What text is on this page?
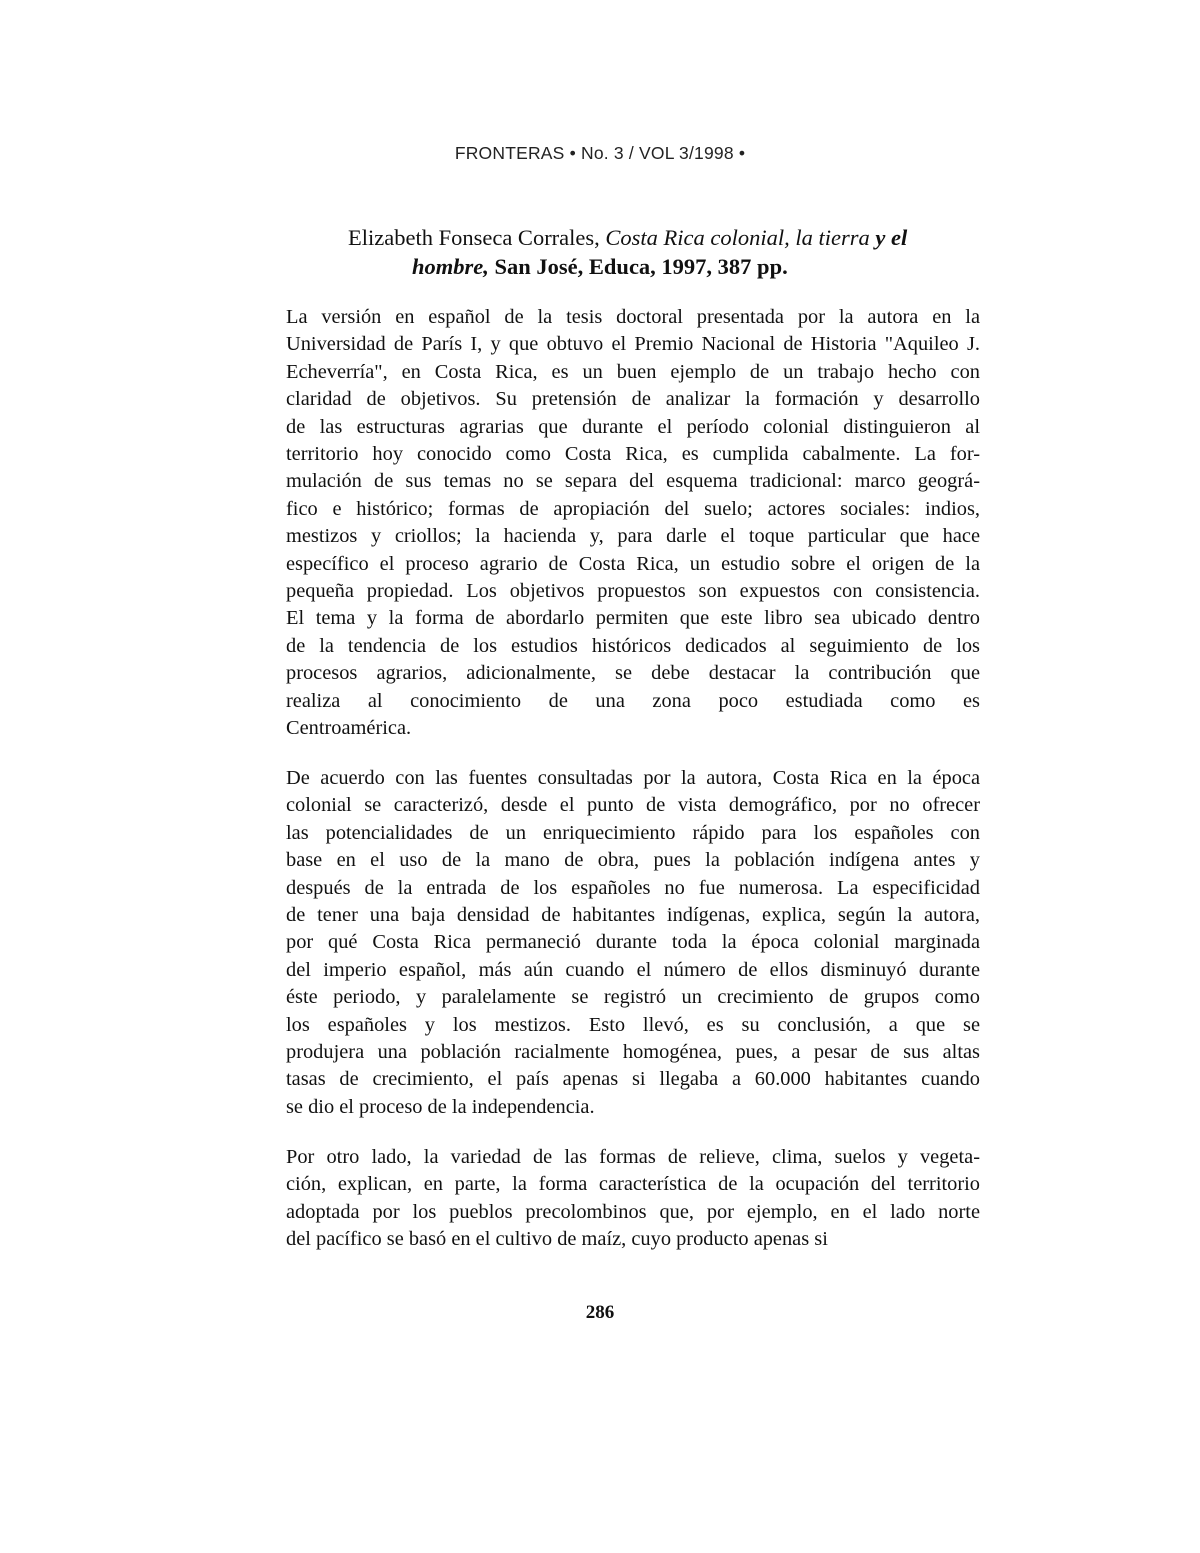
FRONTERAS • No. 3 / VOL 3/1998 •
Elizabeth Fonseca Corrales, Costa Rica colonial, la tierra y el
hombre, San José, Educa, 1997, 387 pp.

La versión en español de la tesis doctoral presentada por la autora en la
Universidad de París I, y que obtuvo el Premio Nacional de Historia "Aquileo J.
Echeverría", en Costa Rica, es un buen ejemplo de un trabajo hecho con
claridad de objetivos. Su pretensión de analizar la formación y desarrollo
de las estructuras agrarias que durante el período colonial distinguieron al
territorio hoy conocido como Costa Rica, es cumplida cabalmente. La for-
mulación de sus temas no se separa del esquema tradicional: marco geográ-
fico e histórico; formas de apropiación del suelo; actores sociales: indios,
mestizos y criollos; la hacienda y, para darle el toque particular que hace
específico el proceso agrario de Costa Rica, un estudio sobre el origen de la
pequeña propiedad. Los objetivos propuestos son expuestos con consistencia.
El tema y la forma de abordarlo permiten que este libro sea ubicado dentro
de la tendencia de los estudios históricos dedicados al seguimiento de los
procesos agrarios, adicionalmente, se debe destacar la contribución que
realiza al conocimiento de una zona poco estudiada como es
Centroamérica.

De acuerdo con las fuentes consultadas por la autora, Costa Rica en la época
colonial se caracterizó, desde el punto de vista demográfico, por no ofrecer
las potencialidades de un enriquecimiento rápido para los españoles con
base en el uso de la mano de obra, pues la población indígena antes y
después de la entrada de los españoles no fue numerosa. La especificidad
de tener una baja densidad de habitantes indígenas, explica, según la autora,
por qué Costa Rica permaneció durante toda la época colonial marginada
del imperio español, más aún cuando el número de ellos disminuyó durante
éste periodo, y paralelamente se registró un crecimiento de grupos como
los españoles y los mestizos. Esto llevó, es su conclusión, a que se
produjera una población racialmente homogénea, pues, a pesar de sus altas
tasas de crecimiento, el país apenas si llegaba a 60.000 habitantes cuando
se dio el proceso de la independencia.

Por otro lado, la variedad de las formas de relieve, clima, suelos y vegeta-
ción, explican, en parte, la forma característica de la ocupación del territorio
adoptada por los pueblos precolombinos que, por ejemplo, en el lado norte
del pacífico se basó en el cultivo de maíz, cuyo producto apenas si

286
